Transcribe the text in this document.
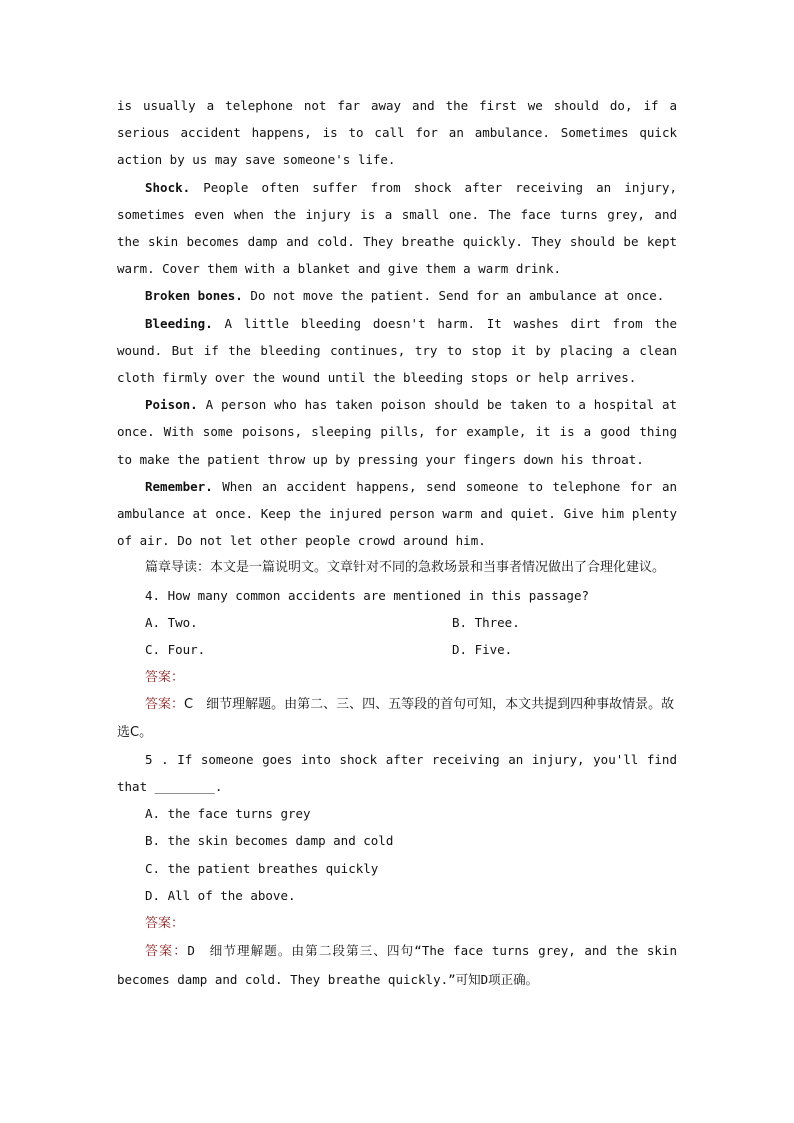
is usually a telephone not far away and the first we should do, if a serious accident happens, is to call for an ambulance. Sometimes quick action by us may save someone's life.

Shock. People often suffer from shock after receiving an injury, sometimes even when the injury is a small one. The face turns grey, and the skin becomes damp and cold. They breathe quickly. They should be kept warm. Cover them with a blanket and give them a warm drink.

Broken bones. Do not move the patient. Send for an ambulance at once.

Bleeding. A little bleeding doesn't harm. It washes dirt from the wound. But if the bleeding continues, try to stop it by placing a clean cloth firmly over the wound until the bleeding stops or help arrives.

Poison. A person who has taken poison should be taken to a hospital at once. With some poisons, sleeping pills, for example, it is a good thing to make the patient throw up by pressing your fingers down his throat.

Remember. When an accident happens, send someone to telephone for an ambulance at once. Keep the injured person warm and quiet. Give him plenty of air. Do not let other people crowd around him.

篇章导读：本文是一篇说明文。文章针对不同的急救场景和当事者情况做出了合理化建议。

4. How many common accidents are mentioned in this passage?

A. Two.	B. Three.
C. Four.	D. Five.

答案：

答案：C　细节理解题。由第二、三、四、五等段的首句可知，本文共提到四种事故情景。故选C。

5 . If someone goes into shock after receiving an injury, you'll find that ________.

A. the face turns grey

B. the skin becomes damp and cold

C. the patient breathes quickly

D. All of the above.

答案：

答案：D　细节理解题。由第二段第三、四句“The face turns grey, and the skin becomes damp and cold. They breathe quickly.”可知D项正确。
